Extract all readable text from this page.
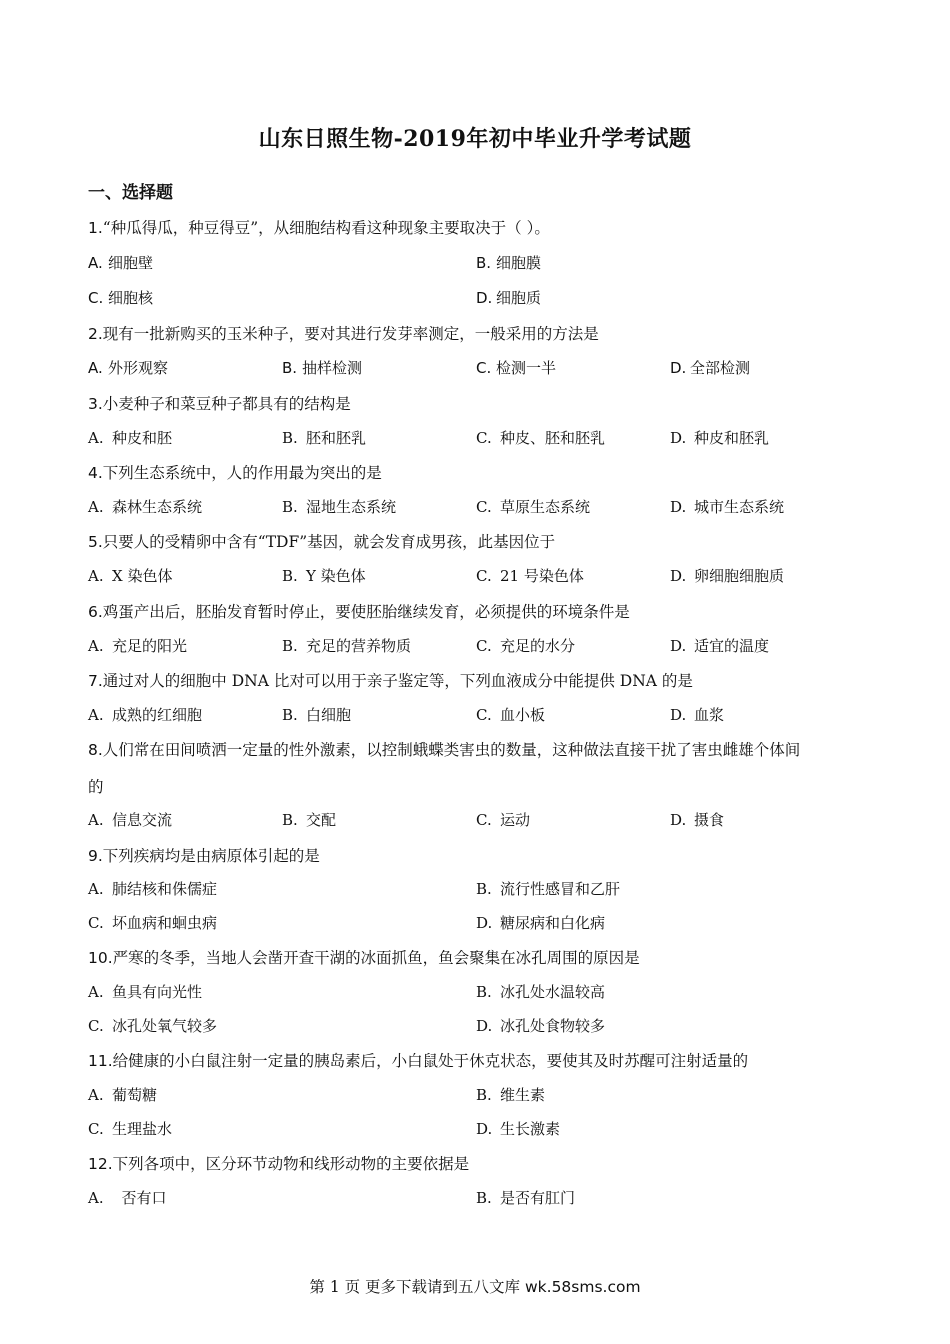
山东日照生物-2019年初中毕业升学考试题
一、选择题
1.“种瓜得瓜，种豆得豆”，从细胞结构看这种现象主要取决于（ ）。
A. 细胞壁	B. 细胞膜
C. 细胞核	D. 细胞质
2.现有一批新购买的玉米种子，要对其进行发芽率测定，一般采用的方法是
A. 外形观察	B. 抽样检测	C. 检测一半	D. 全部检测
3.小麦种子和菜豆种子都具有的结构是
A. 种皮和胚	B. 胚和胚乳	C. 种皮、胚和胚乳	D. 种皮和胚乳
4.下列生态系统中，人的作用最为突出的是
A. 森林生态系统	B. 湿地生态系统	C. 草原生态系统	D. 城市生态系统
5.只要人的受精卵中含有“TDF”基因，就会发育成男孩，此基因位于
A. X 染色体	B. Y 染色体	C. 21 号染色体	D. 卵细胞细胞质
6.鸡蛋产出后，胚胎发育暂时停止，要使胚胎继续发育，必须提供的环境条件是
A. 充足的阳光	B. 充足的营养物质	C. 充足的水分	D. 适宜的温度
7.通过对人的细胞中 DNA 比对可以用于亲子鉴定等，下列血液成分中能提供 DNA 的是
A. 成熟的红细胞	B. 白细胞	C. 血小板	D. 血浆
8.人们常在田间喷洒一定量的性外激素，以控制蛾蝶类害虫的数量，这种做法直接干扰了害虫雌雄个体间
的
A. 信息交流	B. 交配	C. 运动	D. 摄食
9.下列疾病均是由病原体引起的是
A. 肺结核和侏儒症	B. 流行性感冒和乙肝
C. 坏血病和蛔虫病	D. 糖尿病和白化病
10.严寒的冬季，当地人会凿开查干湖的冰面抓鱼，鱼会聚集在冰孔周围的原因是
A. 鱼具有向光性	B. 冰孔处水温较高
C. 冰孔处氧气较多	D. 冰孔处食物较多
11.给健康的小白鼠注射一定量的胰岛素后，小白鼠处于休克状态，要使其及时苏醒可注射适量的
A. 葡萄糖	B. 维生素
C. 生理盐水	D. 生长激素
12.下列各项中，区分环节动物和线形动物的主要依据是
A.  否有口	B. 是否有肛门
第 1 页 更多下载请到五八文库 wk.58sms.com
